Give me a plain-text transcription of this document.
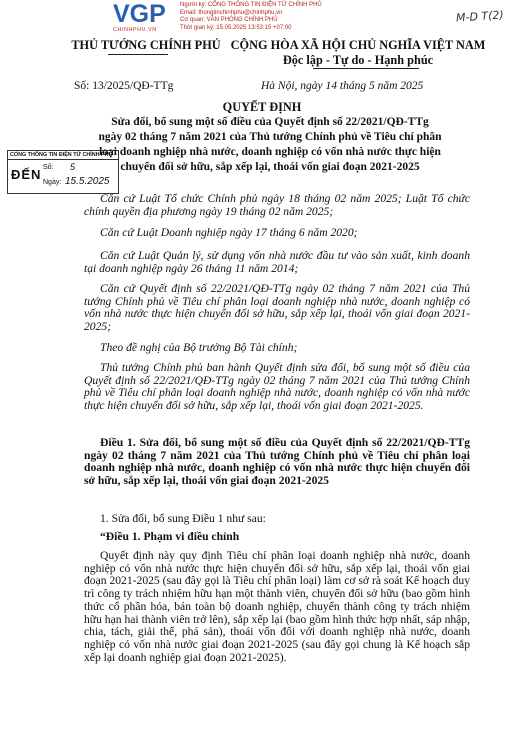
VGP
CHINHPHU.VN
Người ký: CỔNG THÔNG TIN ĐIỆN TỬ CHÍNH PHỦ
Email: thongtinchinhphu@chinhphu.vn
Cơ quan: VĂN PHÒNG CHÍNH PHỦ
Thời gian ký: 15.05.2025 13:53:15 +07:00
M-D T(2)
THỦ TƯỚNG CHÍNH PHỦ CỘNG HÒA XÃ HỘI CHỦ NGHĨA VIỆT NAM
Độc lập - Tự do - Hạnh phúc
Số: 13/2025/QĐ-TTg	Hà Nội, ngày 14 tháng 5 năm 2025
QUYẾT ĐỊNH
Sửa đổi, bổ sung một số điều của Quyết định số 22/2021/QĐ-TTg
ngày 02 tháng 7 năm 2021 của Thủ tướng Chính phủ về Tiêu chí phân
loại doanh nghiệp nhà nước, doanh nghiệp có vốn nhà nước thực hiện
chuyển đổi sở hữu, sắp xếp lại, thoái vốn giai đoạn 2021-2025
CỔNG THÔNG TIN ĐIỆN TỬ CHÍNH PHỦ
ĐẾN Số: 5
Ngày: 15.5.2025

Căn cứ Luật Tổ chức Chính phủ ngày 18 tháng 02 năm 2025; Luật Tổ chức chính quyền địa phương ngày 19 tháng 02 năm 2025;

Căn cứ Luật Doanh nghiệp ngày 17 tháng 6 năm 2020;

Căn cứ Luật Quản lý, sử dụng vốn nhà nước đầu tư vào sản xuất, kinh doanh tại doanh nghiệp ngày 26 tháng 11 năm 2014;

Căn cứ Quyết định số 22/2021/QĐ-TTg ngày 02 tháng 7 năm 2021 của Thủ tướng Chính phủ về Tiêu chí phân loại doanh nghiệp nhà nước, doanh nghiệp có vốn nhà nước thực hiện chuyển đổi sở hữu, sắp xếp lại, thoái vốn giai đoạn 2021-2025;

Theo đề nghị của Bộ trưởng Bộ Tài chính;

Thủ tướng Chính phủ ban hành Quyết định sửa đổi, bổ sung một số điều của Quyết định số 22/2021/QĐ-TTg ngày 02 tháng 7 năm 2021 của Thủ tướng Chính phủ về Tiêu chí phân loại doanh nghiệp nhà nước, doanh nghiệp có vốn nhà nước thực hiện chuyển đổi sở hữu, sắp xếp lại, thoái vốn giai đoạn 2021-2025.

Điều 1. Sửa đổi, bổ sung một số điều của Quyết định số 22/2021/QĐ-TTg ngày 02 tháng 7 năm 2021 của Thủ tướng Chính phủ về Tiêu chí phân loại doanh nghiệp nhà nước, doanh nghiệp có vốn nhà nước thực hiện chuyển đổi sở hữu, sắp xếp lại, thoái vốn giai đoạn 2021-2025

1. Sửa đổi, bổ sung Điều 1 như sau:

“Điều 1. Phạm vi điều chỉnh

Quyết định này quy định Tiêu chí phân loại doanh nghiệp nhà nước, doanh nghiệp có vốn nhà nước thực hiện chuyển đổi sở hữu, sắp xếp lại, thoái vốn giai đoạn 2021-2025 (sau đây gọi là Tiêu chí phân loại) làm cơ sở rà soát Kế hoạch duy trì công ty trách nhiệm hữu hạn một thành viên, chuyển đổi sở hữu (bao gồm hình thức cổ phần hóa, bán toàn bộ doanh nghiệp, chuyển thành công ty trách nhiệm hữu hạn hai thành viên trở lên), sắp xếp lại (bao gồm hình thức hợp nhất, sáp nhập, chia, tách, giải thể, phá sản), thoái vốn đối với doanh nghiệp nhà nước, doanh nghiệp có vốn nhà nước giai đoạn 2021-2025 (sau đây gọi chung là Kế hoạch sắp xếp lại doanh nghiệp giai đoạn 2021-2025).
